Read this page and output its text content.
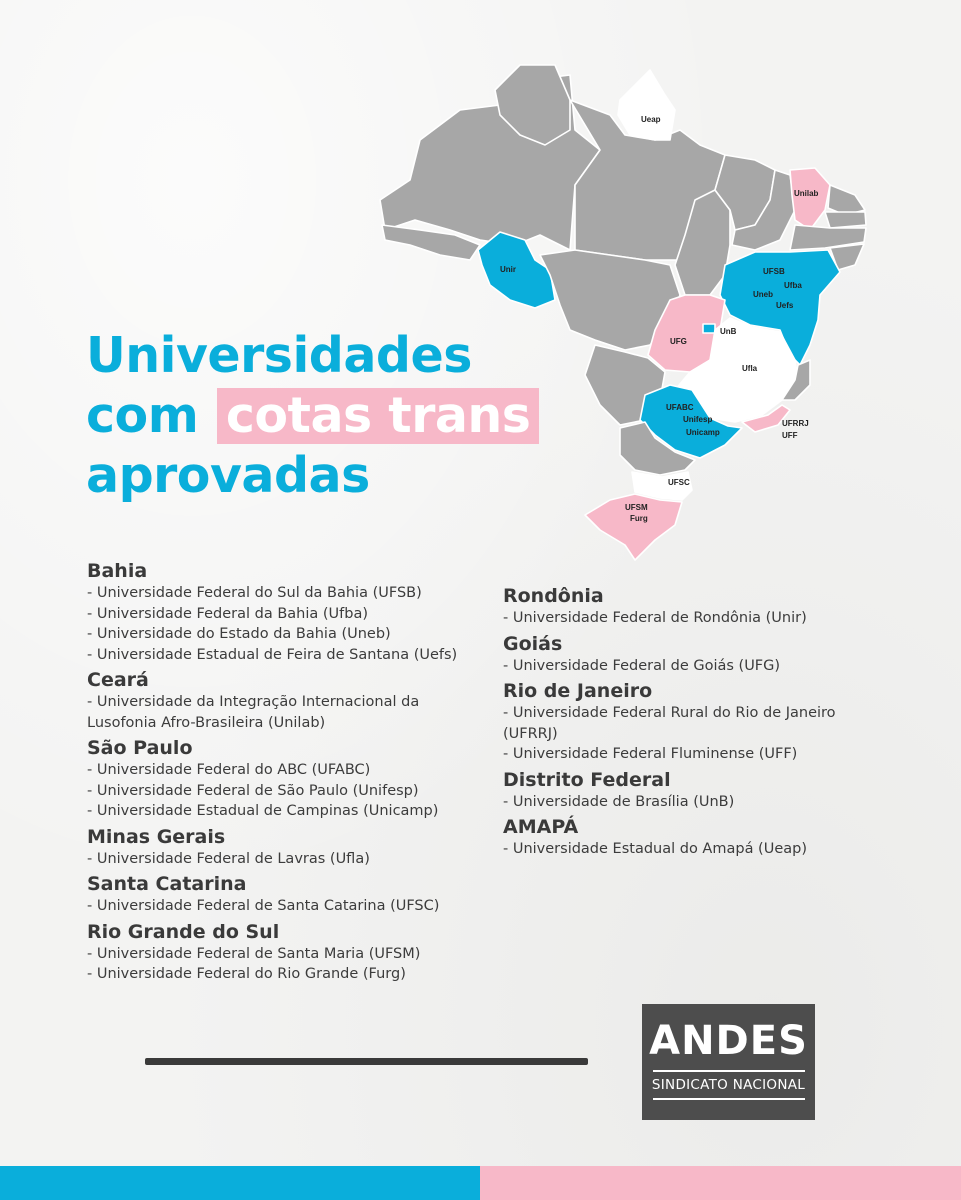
Ueap
Unilab
Unir	UFSB
Ufba
Uneb
Uefs
UFG
UnB
Ufla
UFABC
Unifesp
Unicamp
UFRRJ
UFF
UFSC
UFSM
Furg
Universidades
com cotas trans
aprovadas
Bahia
- Universidade Federal do Sul da Bahia (UFSB)
- Universidade Federal da Bahia (Ufba)
- Universidade do Estado da Bahia (Uneb)
- Universidade Estadual de Feira de Santana (Uefs)
Ceará
- Universidade da Integração Internacional da
Lusofonia Afro-Brasileira (Unilab)
São Paulo
- Universidade Federal do ABC (UFABC)
- Universidade Federal de São Paulo (Unifesp)
- Universidade Estadual de Campinas (Unicamp)
Minas Gerais
- Universidade Federal de Lavras (Ufla)
Santa Catarina
- Universidade Federal de Santa Catarina (UFSC)
Rio Grande do Sul
- Universidade Federal de Santa Maria (UFSM)
- Universidade Federal do Rio Grande (Furg)
Rondônia
- Universidade Federal de Rondônia (Unir)
Goiás
- Universidade Federal de Goiás (UFG)
Rio de Janeiro
- Universidade Federal Rural do Rio de Janeiro
(UFRRJ)
- Universidade Federal Fluminense (UFF)
Distrito Federal
- Universidade de Brasília (UnB)
AMAPÁ
- Universidade Estadual do Amapá (Ueap)
ANDES
SINDICATO NACIONAL
